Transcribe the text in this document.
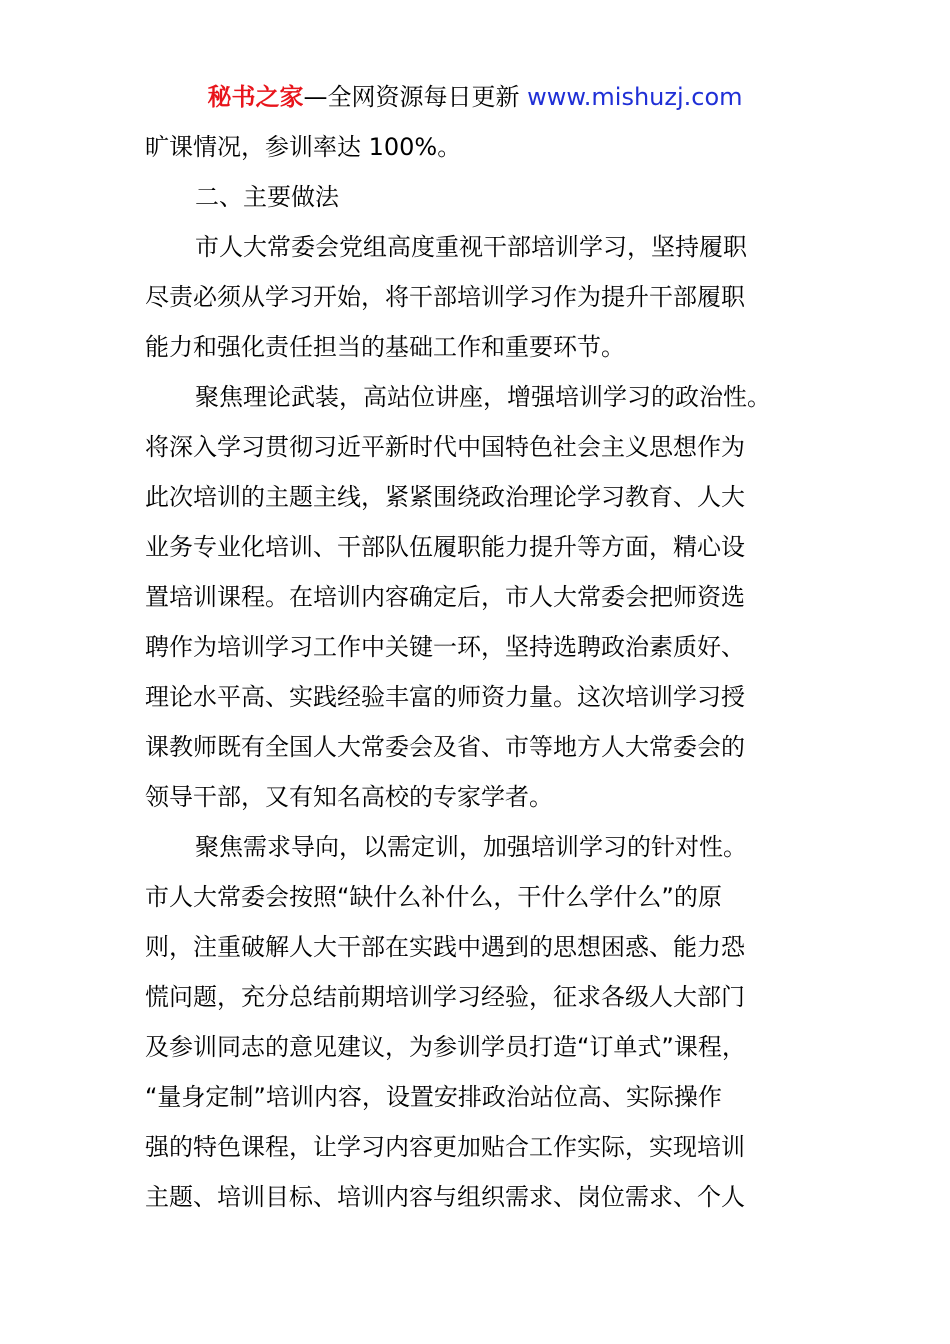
秘书之家—全网资源每日更新 www.mishuzj.com
旷课情况，参训率达 100%。
二、主要做法
市人大常委会党组高度重视干部培训学习，坚持履职
尽责必须从学习开始，将干部培训学习作为提升干部履职
能力和强化责任担当的基础工作和重要环节。
聚焦理论武装，高站位讲座，增强培训学习的政治性。
将深入学习贯彻习近平新时代中国特色社会主义思想作为
此次培训的主题主线，紧紧围绕政治理论学习教育、人大
业务专业化培训、干部队伍履职能力提升等方面，精心设
置培训课程。在培训内容确定后，市人大常委会把师资选
聘作为培训学习工作中关键一环，坚持选聘政治素质好、
理论水平高、实践经验丰富的师资力量。这次培训学习授
课教师既有全国人大常委会及省、市等地方人大常委会的
领导干部，又有知名高校的专家学者。
聚焦需求导向，以需定训，加强培训学习的针对性。
市人大常委会按照“缺什么补什么，干什么学什么”的原
则，注重破解人大干部在实践中遇到的思想困惑、能力恐
慌问题，充分总结前期培训学习经验，征求各级人大部门
及参训同志的意见建议，为参训学员打造“订单式”课程，
“量身定制”培训内容，设置安排政治站位高、实际操作
强的特色课程，让学习内容更加贴合工作实际，实现培训
主题、培训目标、培训内容与组织需求、岗位需求、个人
